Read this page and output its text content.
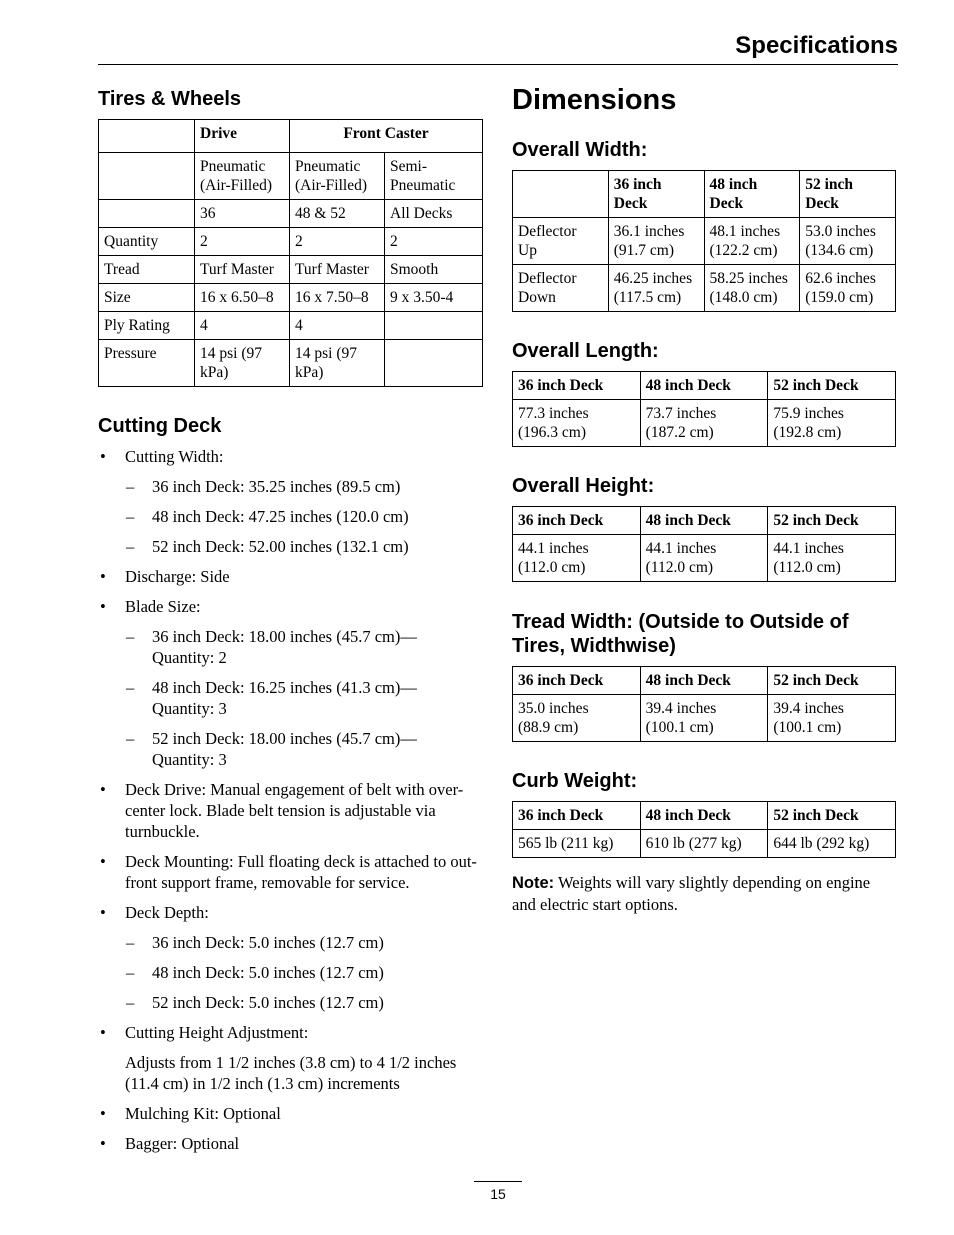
Specifications
Tires & Wheels
	Drive	Front Caster	
	Pneumatic (Air-Filled)	Pneumatic (Air-Filled)	Semi-Pneumatic
	36	48 & 52	All Decks
Quantity	2	2	2
Tread	Turf Master	Turf Master	Smooth
Size	16 x 6.50–8	16 x 7.50–8	9 x 3.50-4
Ply Rating	4	4	
Pressure	14 psi (97 kPa)	14 psi (97 kPa)	
Cutting Deck
• Cutting Width:
– 36 inch Deck: 35.25 inches (89.5 cm)
– 48 inch Deck: 47.25 inches (120.0 cm)
– 52 inch Deck: 52.00 inches (132.1 cm)
• Discharge: Side
• Blade Size:
– 36 inch Deck: 18.00 inches (45.7 cm)—Quantity: 2
– 48 inch Deck: 16.25 inches (41.3 cm)—Quantity: 3
– 52 inch Deck: 18.00 inches (45.7 cm)—Quantity: 3
• Deck Drive: Manual engagement of belt with over-center lock. Blade belt tension is adjustable via turnbuckle.
• Deck Mounting: Full floating deck is attached to out-front support frame, removable for service.
• Deck Depth:
– 36 inch Deck: 5.0 inches (12.7 cm)
– 48 inch Deck: 5.0 inches (12.7 cm)
– 52 inch Deck: 5.0 inches (12.7 cm)
• Cutting Height Adjustment:
Adjusts from 1 1/2 inches (3.8 cm) to 4 1/2 inches (11.4 cm) in 1/2 inch (1.3 cm) increments
• Mulching Kit: Optional
• Bagger: Optional
Dimensions
Overall Width:
	36 inch Deck	48 inch Deck	52 inch Deck
Deflector Up	36.1 inches (91.7 cm)	48.1 inches (122.2 cm)	53.0 inches (134.6 cm)
Deflector Down	46.25 inches (117.5 cm)	58.25 inches (148.0 cm)	62.6 inches (159.0 cm)
Overall Length:
36 inch Deck	48 inch Deck	52 inch Deck
77.3 inches (196.3 cm)	73.7 inches (187.2 cm)	75.9 inches (192.8 cm)
Overall Height:
36 inch Deck	48 inch Deck	52 inch Deck
44.1 inches (112.0 cm)	44.1 inches (112.0 cm)	44.1 inches (112.0 cm)
Tread Width: (Outside to Outside of Tires, Widthwise)
36 inch Deck	48 inch Deck	52 inch Deck
35.0 inches (88.9 cm)	39.4 inches (100.1 cm)	39.4 inches (100.1 cm)
Curb Weight:
36 inch Deck	48 inch Deck	52 inch Deck
565 lb (211 kg)	610 lb (277 kg)	644 lb (292 kg)
Note: Weights will vary slightly depending on engine and electric start options.
15
